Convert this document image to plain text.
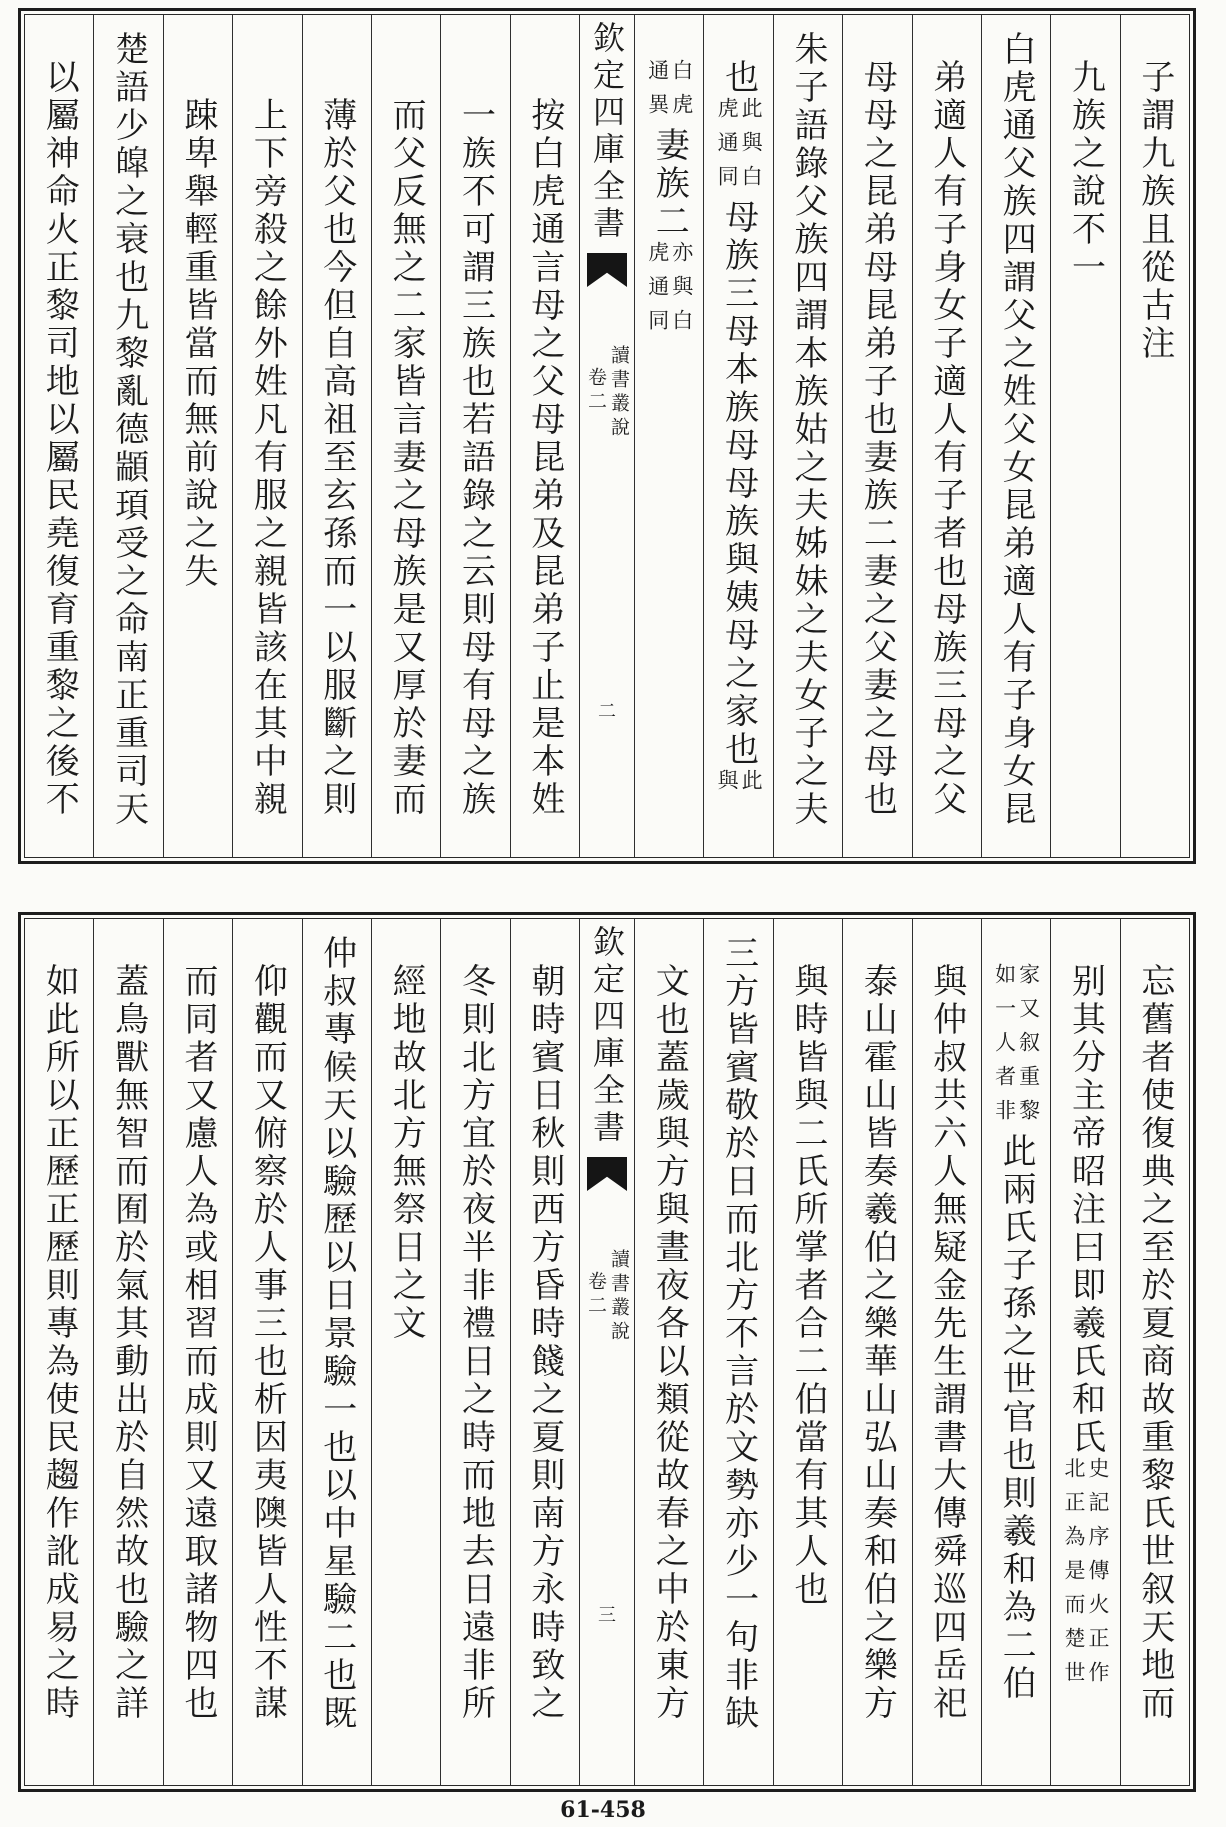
子謂九族且從古注
九族之說不一
白虎通父族四謂父之姓父女昆弟適人有子身女昆
弟適人有子身女子適人有子者也母族三母之父
母母之昆弟母昆弟子也妻族二妻之父妻之母也
朱子語錄父族四謂本族姑之夫姊妹之夫女子之夫
也
此與白
虎通同
母族三母本族母母族與姨母之家也
此
與
白虎
通異
妻族二
亦與白
虎通同
欽定四庫全書
讀書叢說
卷二
二
按白虎通言母之父母昆弟及昆弟子止是本姓
一族不可謂三族也若語錄之云則母有母之族
而父反無之二家皆言妻之母族是又厚於妻而
薄於父也今但自高祖至玄孫而一以服斷之則
上下旁殺之餘外姓凡有服之親皆該在其中親
踈卑舉輕重皆當而無前說之失
楚語少皡之衰也九黎亂德顓頊受之命南正重司天
以屬神命火正黎司地以屬民堯復育重黎之後不
忘舊者使復典之至於夏商故重黎氏世叙天地而
别其分主帝昭注曰即羲氏和氏
史記序傳火正作
北正為是而楚世
家又叙重黎
如一人者非
此兩氏子孫之世官也則羲和為二伯
與仲叔共六人無疑金先生謂書大傳舜巡四岳祀
泰山霍山皆奏羲伯之樂華山弘山奏和伯之樂方
與時皆與二氏所掌者合二伯當有其人也
三方皆賓敬於日而北方不言於文勢亦少一句非缺
文也蓋歲與方與晝夜各以類從故春之中於東方
欽定四庫全書
讀書叢說
卷二
三
朝時賓日秋則西方昏時餞之夏則南方永時致之
冬則北方宜於夜半非禮日之時而地去日遠非所
經地故北方無祭日之文
仲叔專候天以驗歷以日景驗一也以中星驗二也既
仰觀而又俯察於人事三也析因夷隩皆人性不謀
而同者又慮人為或相習而成則又遠取諸物四也
蓋鳥獸無智而囿於氣其動出於自然故也驗之詳
如此所以正歷正歷則專為使民趨作訛成易之時
61-458
